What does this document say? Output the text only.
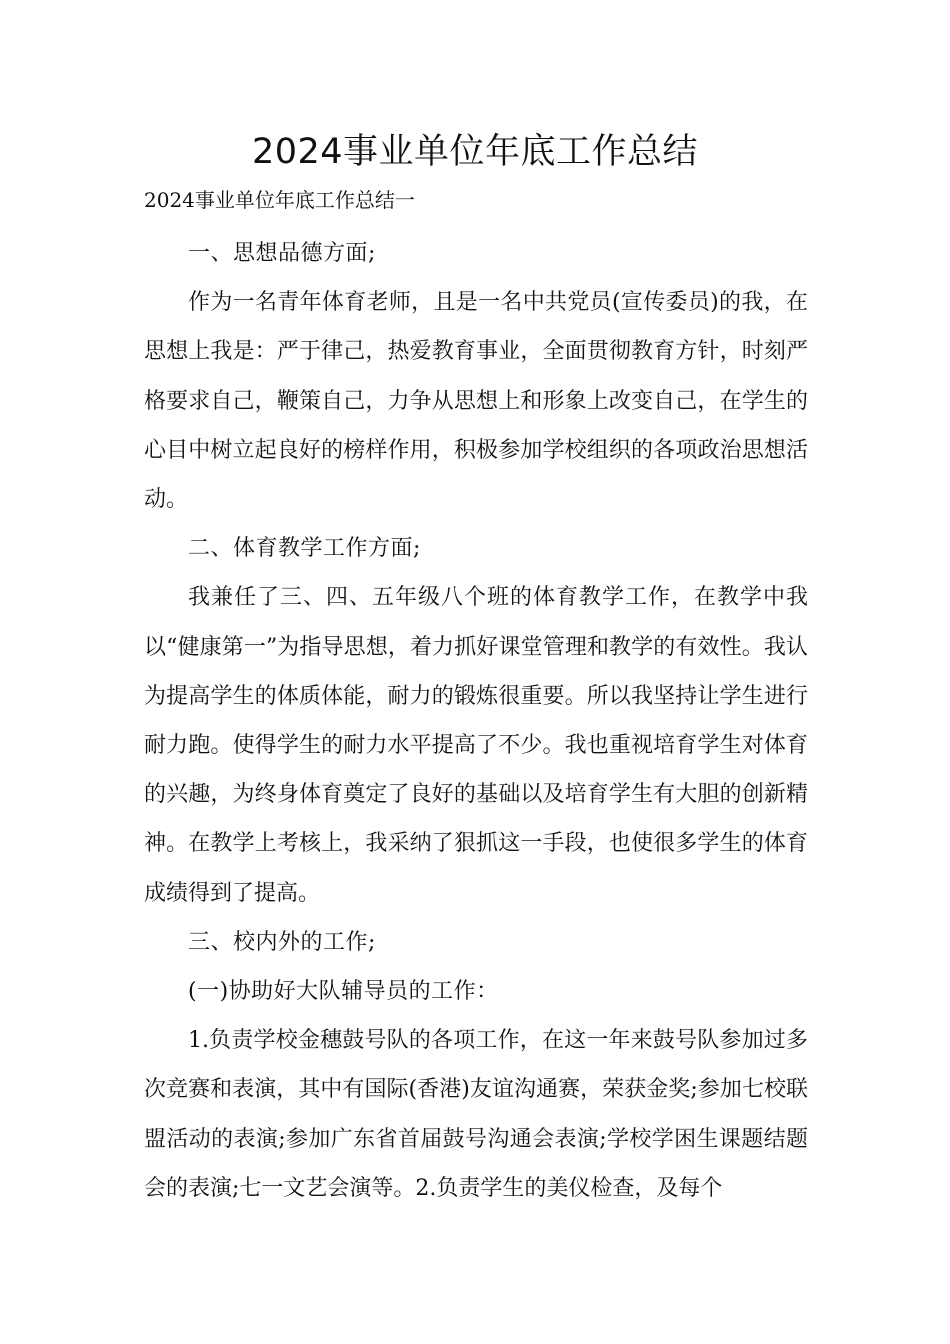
2024事业单位年底工作总结

2024事业单位年底工作总结一

一、思想品德方面;

作为一名青年体育老师，且是一名中共党员(宣传委员)的我，在思想上我是：严于律己，热爱教育事业，全面贯彻教育方针，时刻严格要求自己，鞭策自己，力争从思想上和形象上改变自己，在学生的心目中树立起良好的榜样作用，积极参加学校组织的各项政治思想活动。

二、体育教学工作方面;

我兼任了三、四、五年级八个班的体育教学工作，在教学中我以“健康第一”为指导思想，着力抓好课堂管理和教学的有效性。我认为提高学生的体质体能，耐力的锻炼很重要。所以我坚持让学生进行耐力跑。使得学生的耐力水平提高了不少。我也重视培育学生对体育的兴趣，为终身体育奠定了良好的基础以及培育学生有大胆的创新精神。在教学上考核上，我采纳了狠抓这一手段，也使很多学生的体育成绩得到了提高。

三、校内外的工作;

(一)协助好大队辅导员的工作：

1.负责学校金穗鼓号队的各项工作，在这一年来鼓号队参加过多次竞赛和表演，其中有国际(香港)友谊沟通赛，荣获金奖;参加七校联盟活动的表演;参加广东省首届鼓号沟通会表演;学校学困生课题结题会的表演;七一文艺会演等。2.负责学生的美仪检查，及每个
